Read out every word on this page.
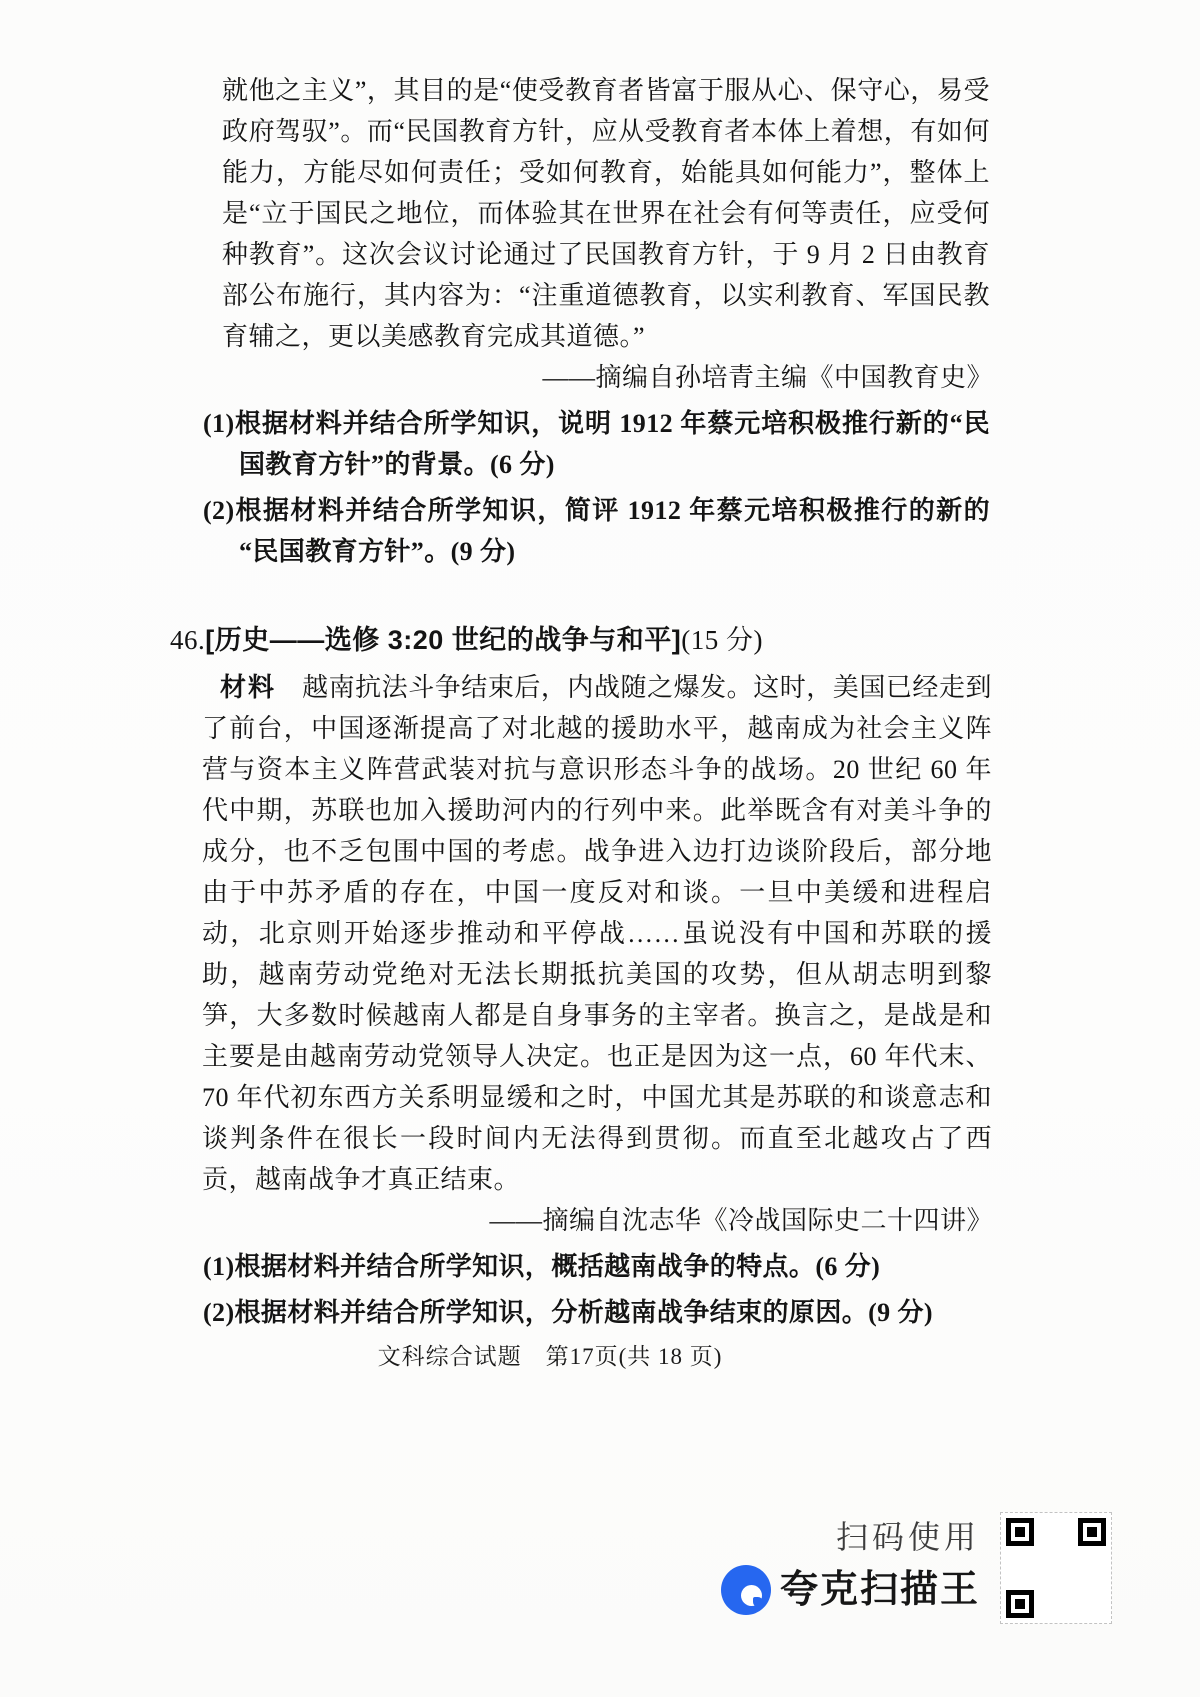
就他之主义”，其目的是“使受教育者皆富于服从心、保守心，易受政府驾驭”。而“民国教育方针，应从受教育者本体上着想，有如何能力，方能尽如何责任；受如何教育，始能具如何能力”，整体上是“立于国民之地位，而体验其在世界在社会有何等责任，应受何种教育”。这次会议讨论通过了民国教育方针，于 9 月 2 日由教育部公布施行，其内容为：“注重道德教育，以实利教育、军国民教育辅之，更以美感教育完成其道德。”

——摘编自孙培青主编《中国教育史》

(1)根据材料并结合所学知识，说明 1912 年蔡元培积极推行新的“民国教育方针”的背景。(6 分)

(2)根据材料并结合所学知识，简评 1912 年蔡元培积极推行的新的“民国教育方针”。(9 分)

46.[历史——选修 3:20 世纪的战争与和平](15 分)

材料 越南抗法斗争结束后，内战随之爆发。这时，美国已经走到了前台，中国逐渐提高了对北越的援助水平，越南成为社会主义阵营与资本主义阵营武装对抗与意识形态斗争的战场。20 世纪 60 年代中期，苏联也加入援助河内的行列中来。此举既含有对美斗争的成分，也不乏包围中国的考虑。战争进入边打边谈阶段后，部分地由于中苏矛盾的存在，中国一度反对和谈。一旦中美缓和进程启动，北京则开始逐步推动和平停战……虽说没有中国和苏联的援助，越南劳动党绝对无法长期抵抗美国的攻势，但从胡志明到黎笋，大多数时候越南人都是自身事务的主宰者。换言之，是战是和主要是由越南劳动党领导人决定。也正是因为这一点，60 年代末、70 年代初东西方关系明显缓和之时，中国尤其是苏联的和谈意志和谈判条件在很长一段时间内无法得到贯彻。而直至北越攻占了西贡，越南战争才真正结束。

——摘编自沈志华《冷战国际史二十四讲》

(1)根据材料并结合所学知识，概括越南战争的特点。(6 分)

(2)根据材料并结合所学知识，分析越南战争结束的原因。(9 分)

文科综合试题　第17页(共 18 页)
扫码使用
夸克扫描王
